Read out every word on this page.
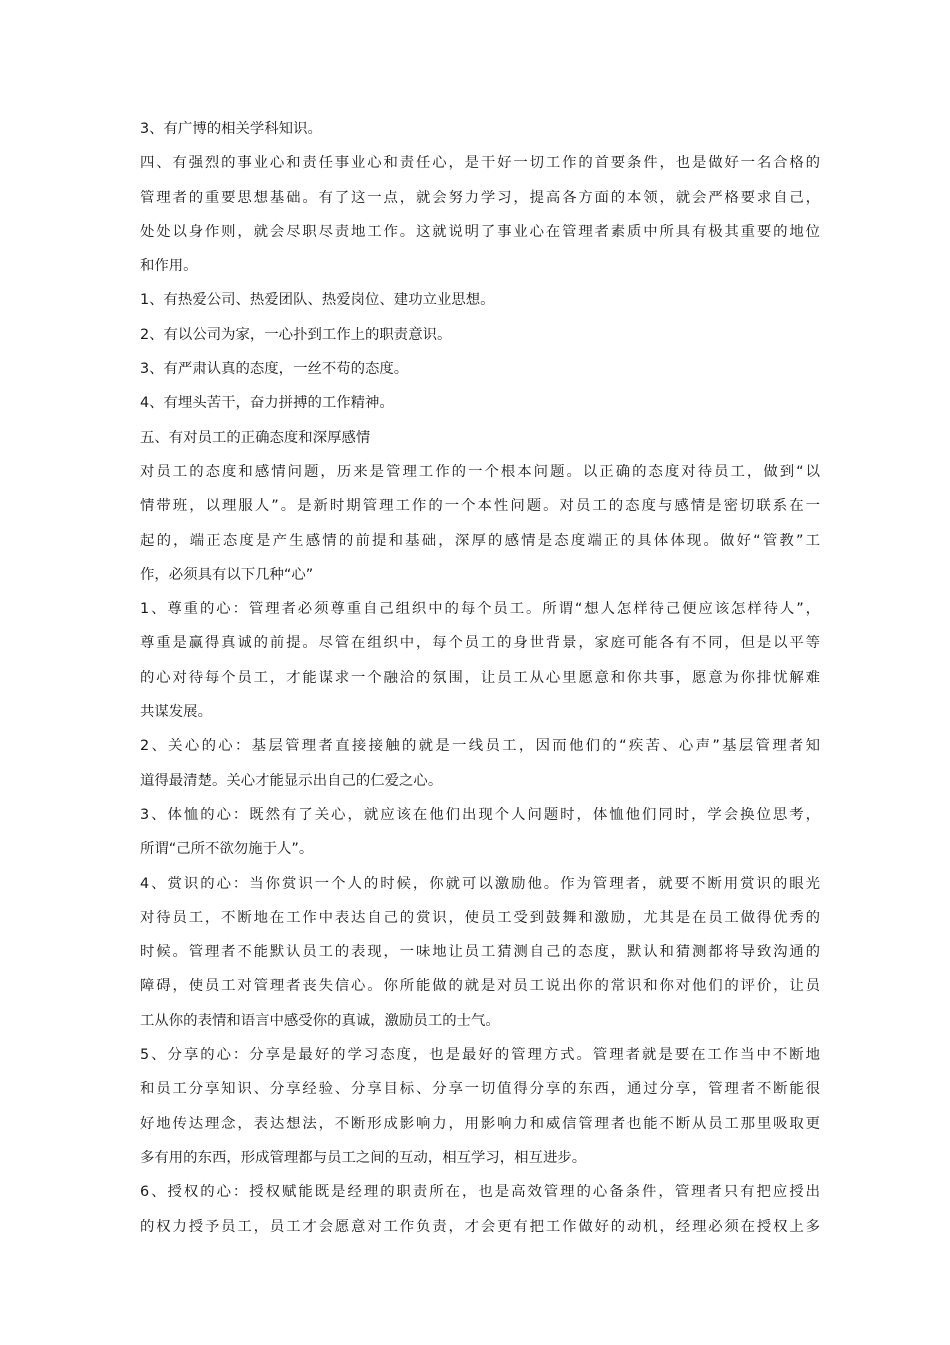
3、有广博的相关学科知识。
四、有强烈的事业心和责任事业心和责任心，是干好一切工作的首要条件，也是做好一名合格的
管理者的重要思想基础。有了这一点，就会努力学习，提高各方面的本领，就会严格要求自己，
处处以身作则，就会尽职尽责地工作。这就说明了事业心在管理者素质中所具有极其重要的地位
和作用。
1、有热爱公司、热爱团队、热爱岗位、建功立业思想。
2、有以公司为家，一心扑到工作上的职责意识。
3、有严肃认真的态度，一丝不苟的态度。
4、有埋头苦干，奋力拼搏的工作精神。
五、有对员工的正确态度和深厚感情
对员工的态度和感情问题，历来是管理工作的一个根本问题。以正确的态度对待员工，做到“以
情带班，以理服人”。是新时期管理工作的一个本性问题。对员工的态度与感情是密切联系在一
起的，端正态度是产生感情的前提和基础，深厚的感情是态度端正的具体体现。做好“管教”工
作，必须具有以下几种“心”
1、尊重的心：管理者必须尊重自己组织中的每个员工。所谓“想人怎样待己便应该怎样待人”，
尊重是赢得真诚的前提。尽管在组织中，每个员工的身世背景，家庭可能各有不同，但是以平等
的心对待每个员工，才能谋求一个融洽的氛围，让员工从心里愿意和你共事，愿意为你排忧解难
共谋发展。
2、关心的心：基层管理者直接接触的就是一线员工，因而他们的“疾苦、心声”基层管理者知
道得最清楚。关心才能显示出自己的仁爱之心。
3、体恤的心：既然有了关心，就应该在他们出现个人问题时，体恤他们同时，学会换位思考，
所谓“己所不欲勿施于人”。
4、赏识的心：当你赏识一个人的时候，你就可以激励他。作为管理者，就要不断用赏识的眼光
对待员工，不断地在工作中表达自己的赏识，使员工受到鼓舞和激励，尤其是在员工做得优秀的
时候。管理者不能默认员工的表现，一味地让员工猜测自己的态度，默认和猜测都将导致沟通的
障碍，使员工对管理者丧失信心。你所能做的就是对员工说出你的常识和你对他们的评价，让员
工从你的表情和语言中感受你的真诚，激励员工的士气。
5、分享的心：分享是最好的学习态度，也是最好的管理方式。管理者就是要在工作当中不断地
和员工分享知识、分享经验、分享目标、分享一切值得分享的东西，通过分享，管理者不断能很
好地传达理念，表达想法，不断形成影响力，用影响力和威信管理者也能不断从员工那里吸取更
多有用的东西，形成管理都与员工之间的互动，相互学习，相互进步。
6、授权的心：授权赋能既是经理的职责所在，也是高效管理的心备条件，管理者只有把应授出
的权力授予员工，员工才会愿意对工作负责，才会更有把工作做好的动机，经理必须在授权上多
